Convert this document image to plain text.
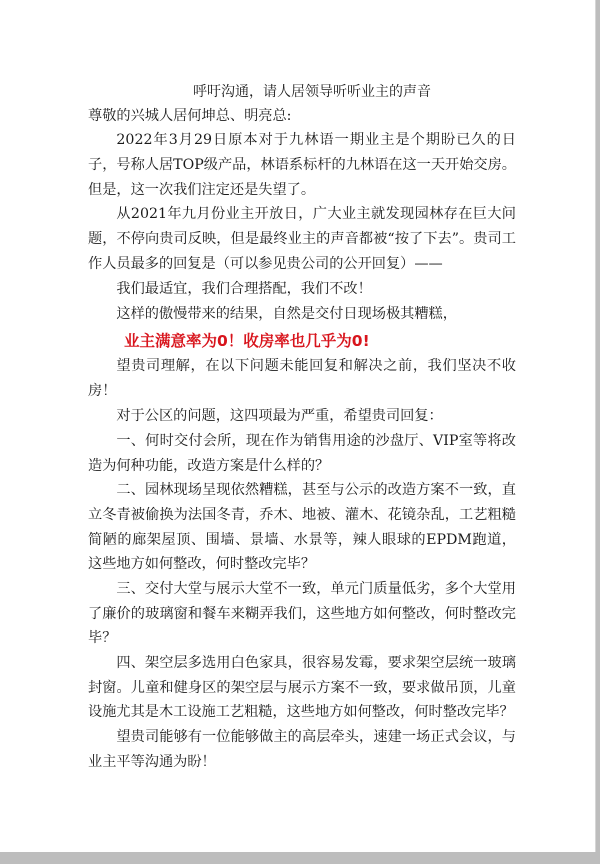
呼吁沟通，请人居领导听听业主的声音

尊敬的兴城人居何坤总、明亮总:

2022年3月29日原本对于九林语一期业主是个期盼已久的日子，号称人居TOP级产品，林语系标杆的九林语在这一天开始交房。但是，这一次我们注定还是失望了。

从2021年九月份业主开放日，广大业主就发现园林存在巨大问题，不停向贵司反映，但是最终业主的声音都被“按了下去”。贵司工作人员最多的回复是（可以参见贵公司的公开回复）——

我们最适宜，我们合理搭配，我们不改！

这样的傲慢带来的结果，自然是交付日现场极其糟糕，

业主满意率为0！收房率也几乎为0!

望贵司理解，在以下问题未能回复和解决之前，我们坚决不收房！

对于公区的问题，这四项最为严重，希望贵司回复：

一、何时交付会所，现在作为销售用途的沙盘厅、VIP室等将改造为何种功能，改造方案是什么样的？

二、园林现场呈现依然糟糕，甚至与公示的改造方案不一致，直立冬青被偷换为法国冬青，乔木、地被、灌木、花镜杂乱，工艺粗糙简陋的廊架屋顶、围墙、景墙、水景等，辣人眼球的EPDM跑道，这些地方如何整改，何时整改完毕？

三、交付大堂与展示大堂不一致，单元门质量低劣，多个大堂用了廉价的玻璃窗和餐车来糊弄我们，这些地方如何整改，何时整改完毕？

四、架空层多选用白色家具，很容易发霉，要求架空层统一玻璃封窗。儿童和健身区的架空层与展示方案不一致，要求做吊顶，儿童设施尤其是木工设施工艺粗糙，这些地方如何整改，何时整改完毕？

望贵司能够有一位能够做主的高层牵头，速建一场正式会议，与业主平等沟通为盼！
